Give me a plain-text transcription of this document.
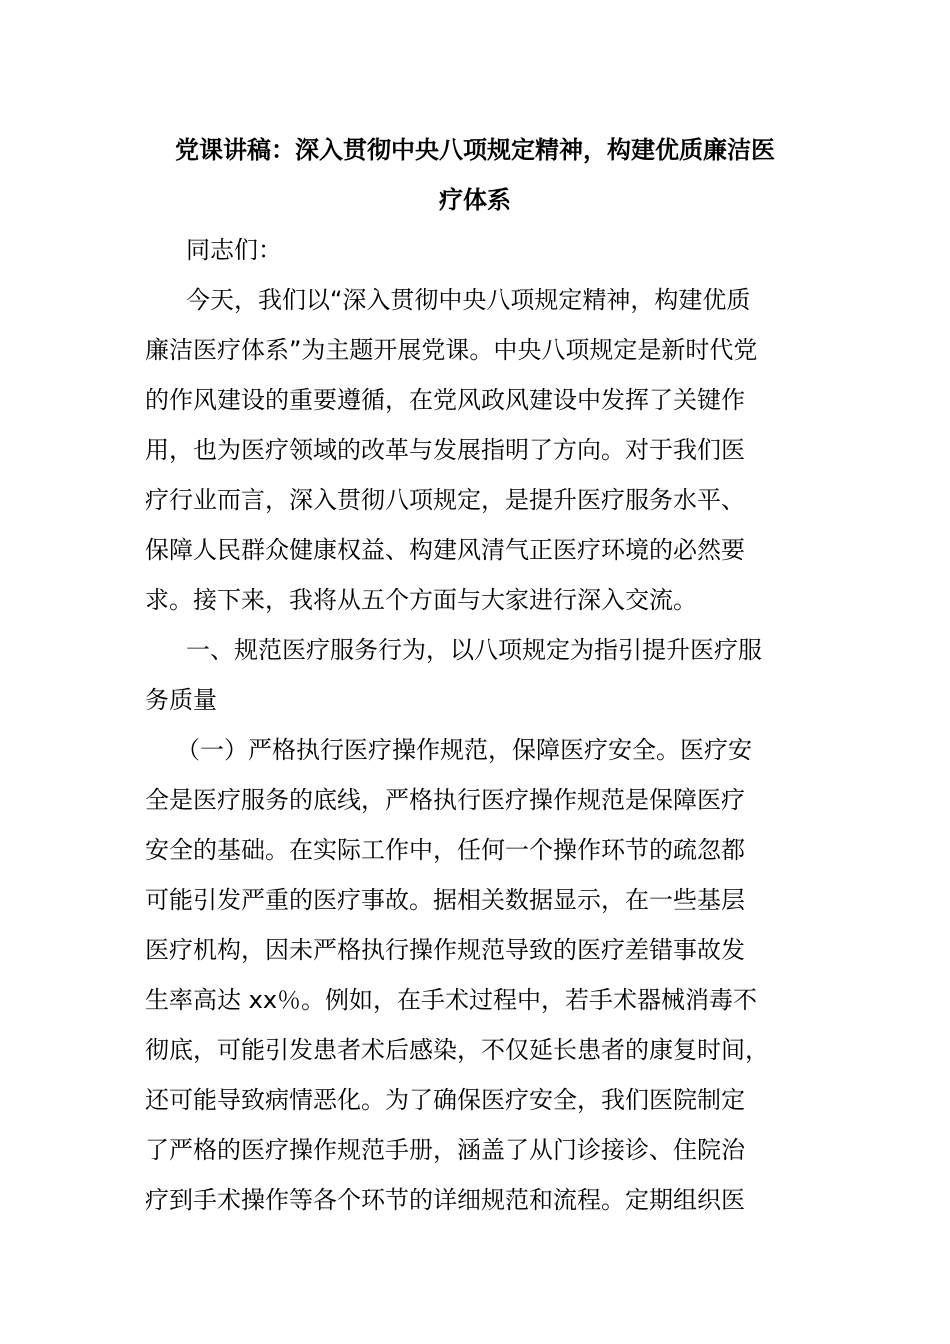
党课讲稿：深入贯彻中央八项规定精神，构建优质廉洁医
疗体系

同志们：

今天，我们以“深入贯彻中央八项规定精神，构建优质

廉洁医疗体系”为主题开展党课。中央八项规定是新时代党

的作风建设的重要遵循，在党风政风建设中发挥了关键作

用，也为医疗领域的改革与发展指明了方向。对于我们医

疗行业而言，深入贯彻八项规定，是提升医疗服务水平、

保障人民群众健康权益、构建风清气正医疗环境的必然要

求。接下来，我将从五个方面与大家进行深入交流。

一、规范医疗服务行为，以八项规定为指引提升医疗服

务质量

（一）严格执行医疗操作规范，保障医疗安全。医疗安

全是医疗服务的底线，严格执行医疗操作规范是保障医疗

安全的基础。在实际工作中，任何一个操作环节的疏忽都

可能引发严重的医疗事故。据相关数据显示，在一些基层

医疗机构，因未严格执行操作规范导致的医疗差错事故发

生率高达 xx％。例如，在手术过程中，若手术器械消毒不

彻底，可能引发患者术后感染，不仅延长患者的康复时间，

还可能导致病情恶化。为了确保医疗安全，我们医院制定

了严格的医疗操作规范手册，涵盖了从门诊接诊、住院治

疗到手术操作等各个环节的详细规范和流程。定期组织医
